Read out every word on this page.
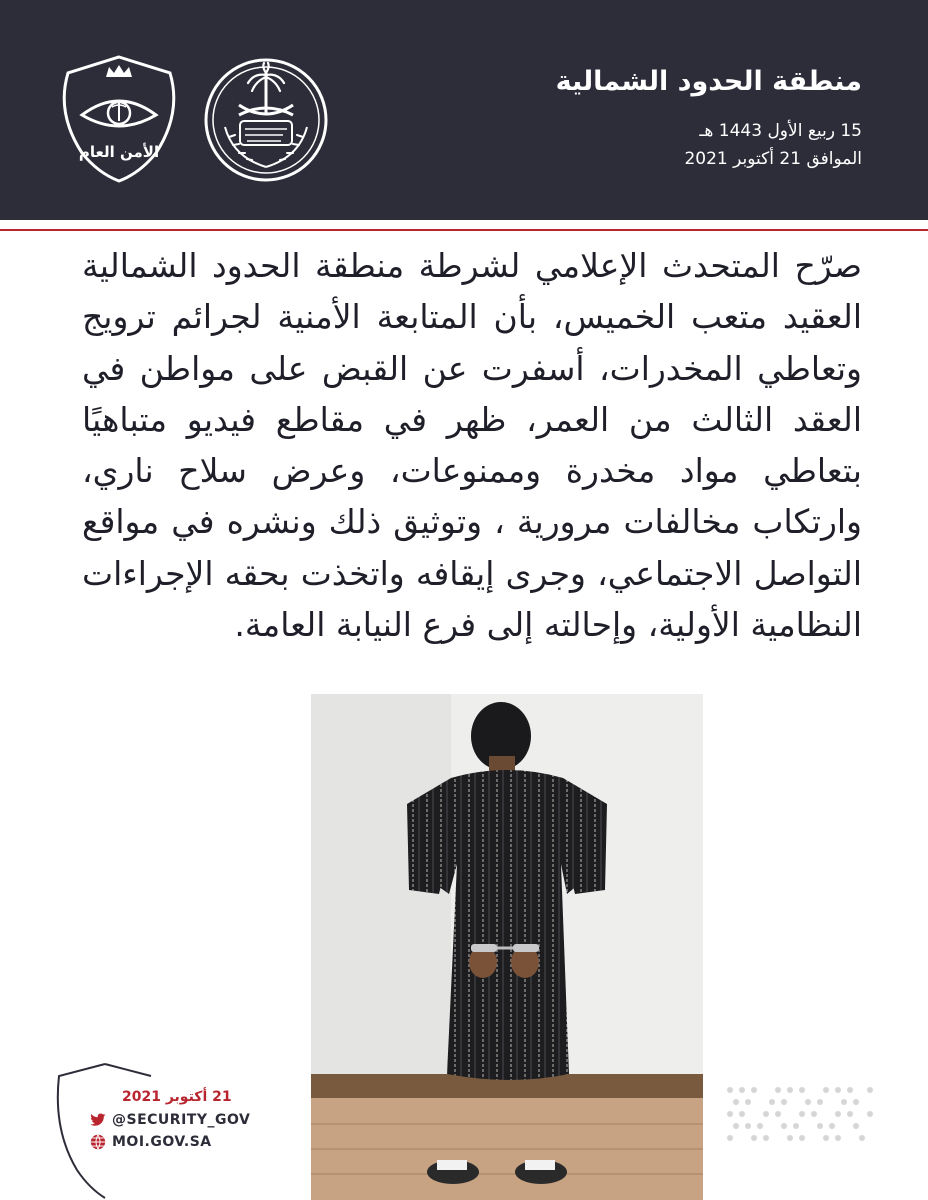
منطقة الحدود الشمالية
15 ربيع الأول 1443 هـ
الموافق 21 أكتوبر 2021
الأمن العام
صرّح المتحدث الإعلامي لشرطة منطقة الحدود الشمالية العقيد متعب الخميس، بأن المتابعة الأمنية لجرائم ترويج وتعاطي المخدرات، أسفرت عن القبض على مواطن في العقد الثالث من العمر، ظهر في مقاطع فيديو متباهيًا بتعاطي مواد مخدرة وممنوعات، وعرض سلاح ناري، وارتكاب مخالفات مرورية ، وتوثيق ذلك ونشره في مواقع التواصل الاجتماعي، وجرى إيقافه واتخذت بحقه الإجراءات النظامية الأولية، وإحالته إلى فرع النيابة العامة.
21 أكتوبر 2021
@SECURITY_GOV
MOI.GOV.SA
